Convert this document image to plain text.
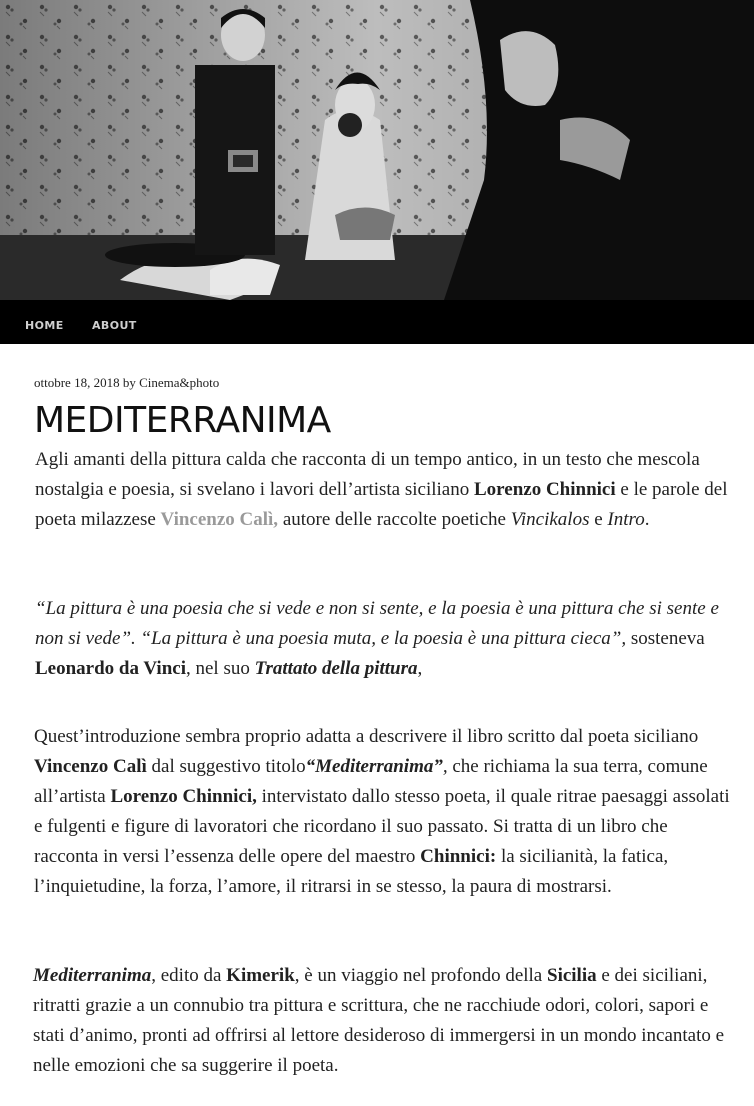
HOME	ABOUT
ottobre 18, 2018 by Cinema&photo
MEDITERRANIMA

Agli amanti della pittura calda che racconta di un tempo antico, in un testo che mescola nostalgia e poesia, si svelano i lavori dell’artista siciliano Lorenzo Chinnici e le parole del poeta milazzese Vincenzo Calì, autore delle raccolte poetiche Vincikalos e Intro.

“La pittura è una poesia che si vede e non si sente, e la poesia è una pittura che si sente e non si vede”. “La pittura è una poesia muta, e la poesia è una pittura cieca”, sosteneva Leonardo da Vinci, nel suo Trattato della pittura,

Quest’introduzione sembra proprio adatta a descrivere il libro scritto dal poeta siciliano Vincenzo Calì dal suggestivo titolo“Mediterranima”, che richiama la sua terra, comune all’artista Lorenzo Chinnici, intervistato dallo stesso poeta, il quale ritrae paesaggi assolati e fulgenti e figure di lavoratori che ricordano il suo passato. Si tratta di un libro che racconta in versi l’essenza delle opere del maestro Chinnici: la sicilianità, la fatica, l’inquietudine, la forza, l’amore, il ritrarsi in se stesso, la paura di mostrarsi.

Mediterranima, edito da Kimerik, è un viaggio nel profondo della Sicilia e dei siciliani, ritratti grazie a un connubio tra pittura e scrittura, che ne racchiude odori, colori, sapori e stati d’animo, pronti ad offrirsi al lettore desideroso di immergersi in un mondo incantato e nelle emozioni che sa suggerire il poeta.
